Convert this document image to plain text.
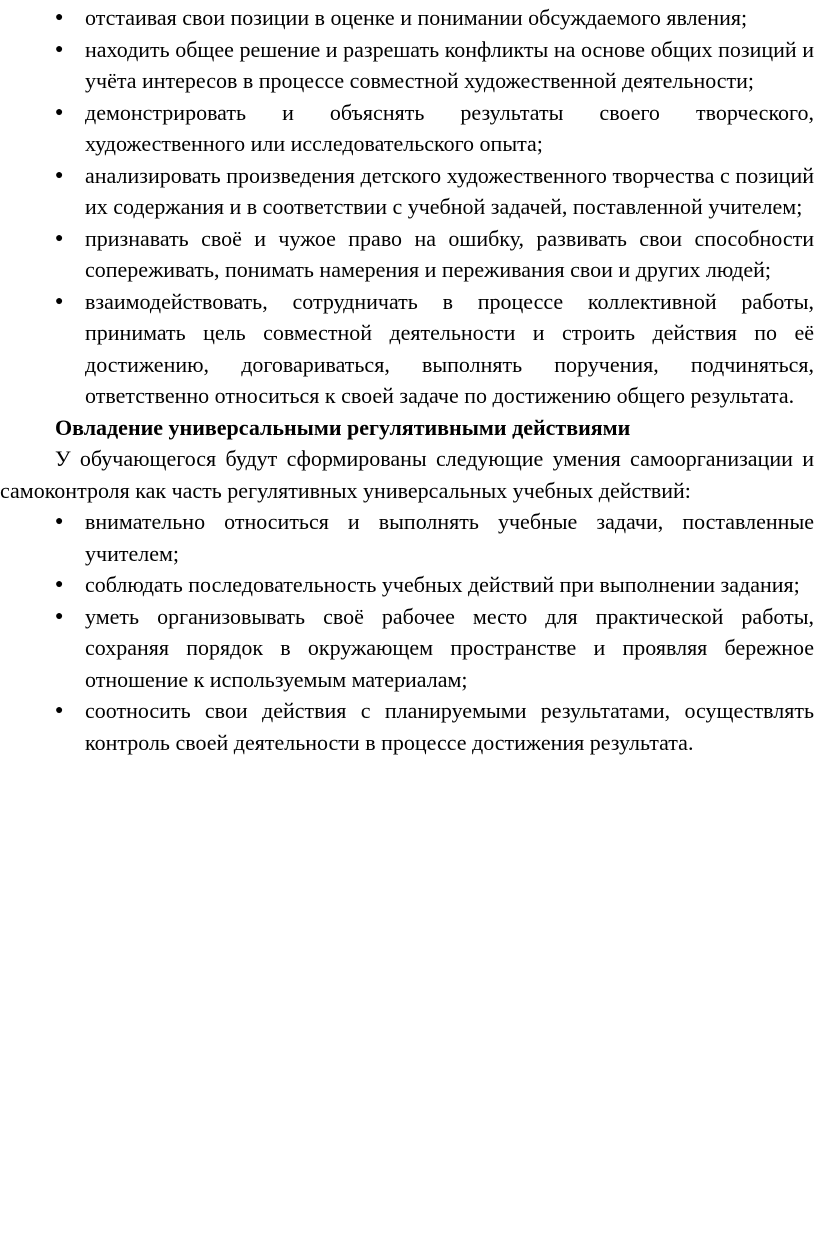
● отстаивая свои позиции в оценке и понимании обсуждаемого явления;
● находить общее решение и разрешать конфликты на основе общих позиций и учёта интересов в процессе совместной художественной деятельности;
● демонстрировать и объяснять результаты своего творческого, художественного или исследовательского опыта;
● анализировать произведения детского художественного творчества с позиций их содержания и в соответствии с учебной задачей, поставленной учителем;
● признавать своё и чужое право на ошибку, развивать свои способности сопереживать, понимать намерения и переживания свои и других людей;
● взаимодействовать, сотрудничать в процессе коллективной работы, принимать цель совместной деятельности и строить действия по её достижению, договариваться, выполнять поручения, подчиняться, ответственно относиться к своей задаче по достижению общего результата.

Овладение универсальными регулятивными действиями

У обучающегося будут сформированы следующие умения самоорганизации и самоконтроля как часть регулятивных универсальных учебных действий:

● внимательно относиться и выполнять учебные задачи, поставленные учителем;
● соблюдать последовательность учебных действий при выполнении задания;
● уметь организовывать своё рабочее место для практической работы, сохраняя порядок в окружающем пространстве и проявляя бережное отношение к используемым материалам;
● соотносить свои действия с планируемыми результатами, осуществлять контроль своей деятельности в процессе достижения результата.
